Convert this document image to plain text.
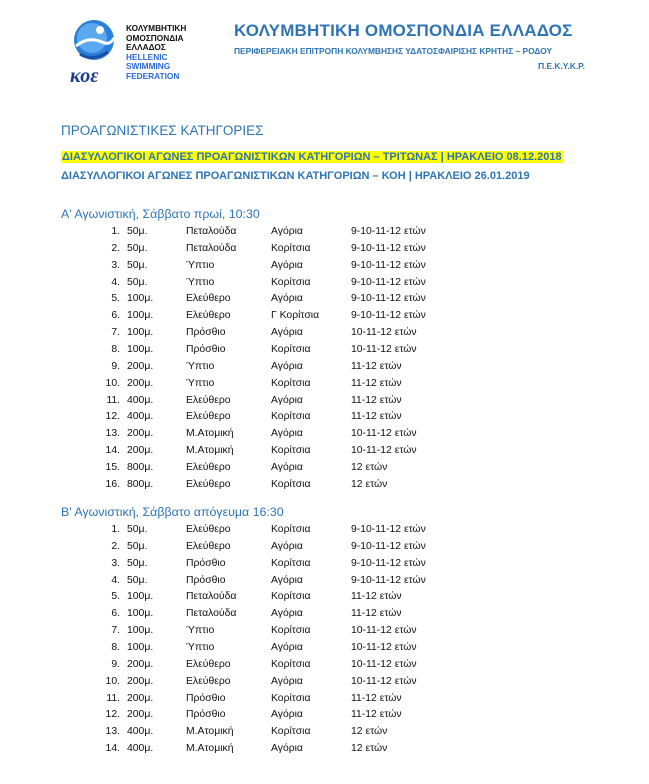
κοε
ΚΟΛΥΜΒΗΤΙΚΗ
ΟΜΟΣΠΟΝΔΙΑ
ΕΛΛΑΔΟΣ
HELLENIC
SWIMMING
FEDERATION
ΚΟΛΥΜΒΗΤΙΚΗ ΟΜΟΣΠΟΝΔΙΑ ΕΛΛΑΔΟΣ
ΠΕΡΙΦΕΡΕΙΑΚΗ ΕΠΙΤΡΟΠΗ ΚΟΛΥΜΒΗΣΗΣ ΥΔΑΤΟΣΦΑΙΡΙΣΗΣ ΚΡΗΤΗΣ – ΡΟΔΟΥ
Π.Ε.Κ.Υ.Κ.Ρ.
ΠΡΟΑΓΩΝΙΣΤΙΚΕΣ ΚΑΤΗΓΟΡΙΕΣ
ΔΙΑΣΥΛΛΟΓΙΚΟΙ ΑΓΩΝΕΣ ΠΡΟΑΓΩΝΙΣΤΙΚΩΝ ΚΑΤΗΓΟΡΙΩΝ – ΤΡΙΤΩΝΑΣ | ΗΡΑΚΛΕΙΟ 08.12.2018
ΔΙΑΣΥΛΛΟΓΙΚΟΙ ΑΓΩΝΕΣ ΠΡΟΑΓΩΝΙΣΤΙΚΩΝ ΚΑΤΗΓΟΡΙΩΝ – ΚΟΗ | ΗΡΑΚΛΕΙΟ 26.01.2019
Α' Αγωνιστική, Σάββατο πρωί, 10:30
Β' Αγωνιστική, Σάββατο απόγευμα 16:30
1. 50μ.	Πεταλούδα	Αγόρια	9-10-11-12 ετών
2. 50μ.	Πεταλούδα	Κορίτσια	9-10-11-12 ετών
3. 50μ.	Ύπτιο	Αγόρια	9-10-11-12 ετών
4. 50μ.	Ύπτιο	Κορίτσια	9-10-11-12 ετών
5. 100μ.	Ελεύθερο	Αγόρια	9-10-11-12 ετών
6. 100μ.	Ελεύθερο	Γ Κορίτσια	9-10-11-12 ετών
7. 100μ.	Πρόσθιο	Αγόρια	10-11-12 ετών
8. 100μ.	Πρόσθιο	Κορίτσια	10-11-12 ετών
9. 200μ.	Ύπτιο	Αγόρια	11-12 ετών
10. 200μ.	Ύπτιο	Κορίτσια	11-12 ετών
11. 400μ.	Ελεύθερο	Αγόρια	11-12 ετών
12. 400μ.	Ελεύθερο	Κορίτσια	11-12 ετών
13. 200μ.	Μ.Ατομική	Αγόρια	10-11-12 ετών
14. 200μ.	Μ.Ατομική	Κορίτσια	10-11-12 ετών
15. 800μ.	Ελεύθερο	Αγόρια	12 ετών
16. 800μ.	Ελεύθερο	Κορίτσια	12 ετών
1. 50μ.	Ελεύθερο	Κορίτσια	9-10-11-12 ετών
2. 50μ.	Ελεύθερο	Αγόρια	9-10-11-12 ετών
3. 50μ.	Πρόσθιο	Κορίτσια	9-10-11-12 ετών
4. 50μ.	Πρόσθιο	Αγόρια	9-10-11-12 ετών
5. 100μ.	Πεταλούδα	Κορίτσια	11-12 ετών
6. 100μ.	Πεταλούδα	Αγόρια	11-12 ετών
7. 100μ.	Ύπτιο	Κορίτσια	10-11-12 ετών
8. 100μ.	Ύπτιο	Αγόρια	10-11-12 ετών
9. 200μ.	Ελεύθερο	Κορίτσια	10-11-12 ετών
10. 200μ.	Ελεύθερο	Αγόρια	10-11-12 ετών
11. 200μ.	Πρόσθιο	Κορίτσια	11-12 ετών
12. 200μ.	Πρόσθιο	Αγόρια	11-12 ετών
13. 400μ.	Μ.Ατομική	Κορίτσια	12 ετών
14. 400μ.	Μ.Ατομική	Αγόρια	12 ετών
